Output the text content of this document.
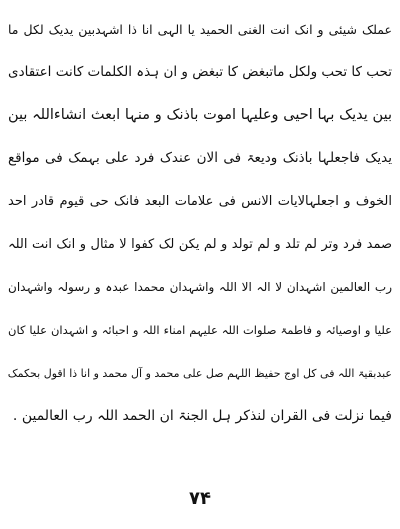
عملک شیئی و انک انت الغنی الحمید یا الہی انا ذا اشہدبین یدیک لکل ما
تحب کا تحب ولکل ماتبغض کا تبغض و ان ہذہ الکلمات کانت اعتقادی
بین یدیک بہا احیی وعلیہا اموت باذنک و منہا ابعث انشاءاللہ بین
یدیک فاجعلہا باذنک ودیعۃ فی الان عندک فرد علی بہمک فی مواقع
الخوف و اجعلہالایات الانس فی علامات البعد فانک حی قیوم قادر احد
صمد فرد وتر لم تلد و لم تولد و لم یکن لک کفوا لا مثال و انک انت اللہ
رب العالمین اشہدان لا الہ الا اللہ واشہدان محمدا عبدہ و رسولہ واشہدان
علیا و اوصیائہ و فاطمۃ صلوات اللہ علیہم امناء اللہ و احبائہ و اشہدان علیا کان
عبدبقیۃ اللہ فی کل اوج حفیظ اللہم صل علی محمد و آل محمد و انا ذا اقول بحکمک
فیما نزلت فی القران لنذکر ہل الجنۃ ان الحمد اللہ رب العالمین .
۷۴
